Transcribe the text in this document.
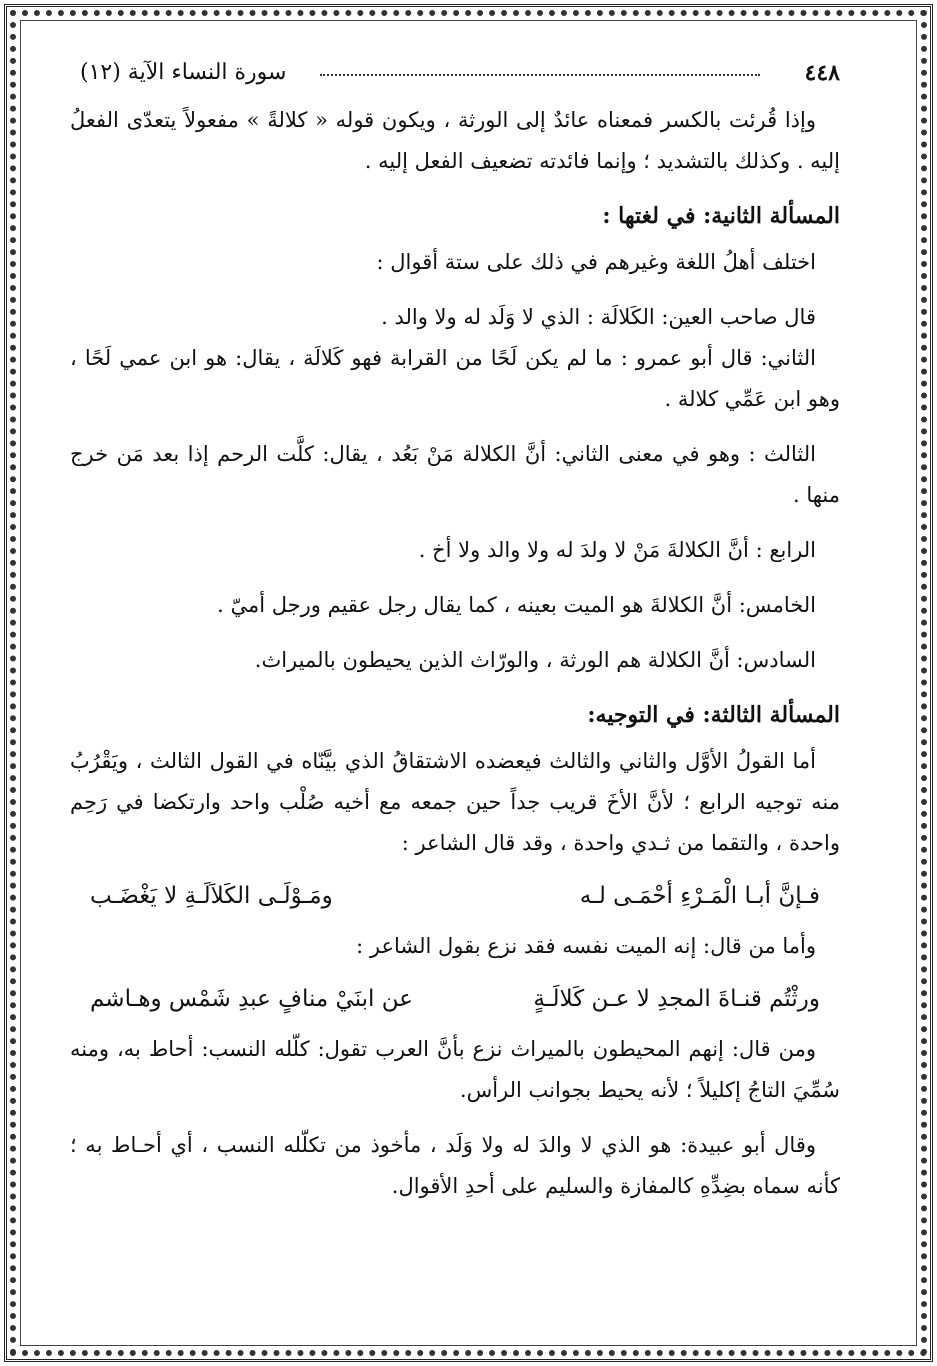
٤٤٨
سورة النساء الآية (١٢)

وإذا قُرئت بالكسر فمعناه عائدٌ إلى الورثة ، ويكون قوله « كلالةً » مفعولاً يتعدّى الفعلُ إليه . وكذلك بالتشديد ؛ وإنما فائدته تضعيف الفعل إليه .

المسألة الثانية: في لغتها :

اختلف أهلُ اللغة وغيرهم في ذلك على ستة أقوال :

قال صاحب العين: الكَلالَة : الذي لا وَلَد له ولا والد .

الثاني: قال أبو عمرو : ما لم يكن لَحًا من القرابة فهو كَلالَة ، يقال: هو ابن عمي لَحًا ، وهو ابن عَمِّي كلالة .

الثالث : وهو في معنى الثاني: أنَّ الكلالة مَنْ بَعُد ، يقال: كلَّت الرحم إذا بعد مَن خرج منها .

الرابع : أنَّ الكلالةَ مَنْ لا ولدَ له ولا والد ولا أخ .

الخامس: أنَّ الكلالةَ هو الميت بعينه ، كما يقال رجل عقيم ورجل أميّ .

السادس: أنَّ الكلالة هم الورثة ، والورّاث الذين يحيطون بالميراث.

المسألة الثالثة: في التوجيه:

أما القولُ الأوَّل والثاني والثالث فيعضده الاشتقاقُ الذي بيَّنّاه في القول الثالث ، ويَقْرُبُ منه توجيه الرابع ؛ لأنَّ الأخَ قريب جداً حين جمعه مع أخيه صُلْب واحد وارتكضا في رَحِم واحدة ، والتقما من ثـدي واحدة ، وقد قال الشاعر :

فـإنَّ أبـا الْمَـرْءِ أحْمَـى لـه
ومَـوْلَـى الكَلاَلَـةِ لا يَغْضَـب

وأما من قال: إنه الميت نفسه فقد نزع بقول الشاعر :

ورثْتُم قنـاةَ المجدِ لا عـن كَلالَـةٍ
عن ابنَيْ منافٍ عبدِ شَمْس وهـاشم

ومن قال: إنهم المحيطون بالميراث نزع بأنَّ العرب تقول: كلّله النسب: أحاط به، ومنه سُمِّيَ التاجُ إكليلاً ؛ لأنه يحيط بجوانب الرأس.

وقال أبو عبيدة: هو الذي لا والدَ له ولا وَلَد ، مأخوذ من تكلّله النسب ، أي أحـاط به ؛ كأنه سماه بضِدِّهِ كالمفازة والسليم على أحدِ الأقوال.
